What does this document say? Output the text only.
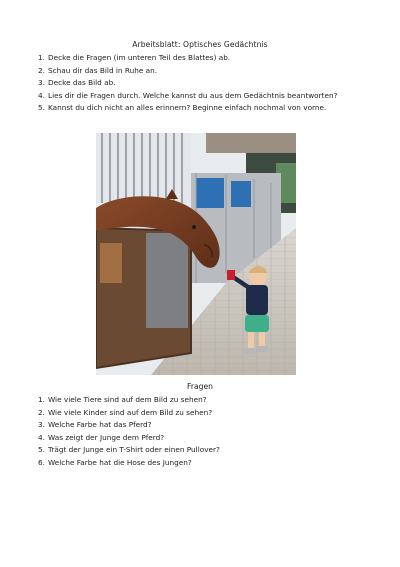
Arbeitsblatt: Optisches Gedächtnis
1. Decke die Fragen (im unteren Teil des Blattes) ab.
2. Schau dir das Bild in Ruhe an.
3. Decke das Bild ab.
4. Lies dir die Fragen durch. Welche kannst du aus dem Gedächtnis beantworten?
5. Kannst du dich nicht an alles erinnern? Beginne einfach nochmal von vorne.
Fragen
1. Wie viele Tiere sind auf dem Bild zu sehen?
2. Wie viele Kinder sind auf dem Bild zu sehen?
3. Welche Farbe hat das Pferd?
4. Was zeigt der Junge dem Pferd?
5. Trägt der Junge ein T-Shirt oder einen Pullover?
6. Welche Farbe hat die Hose des Jungen?
